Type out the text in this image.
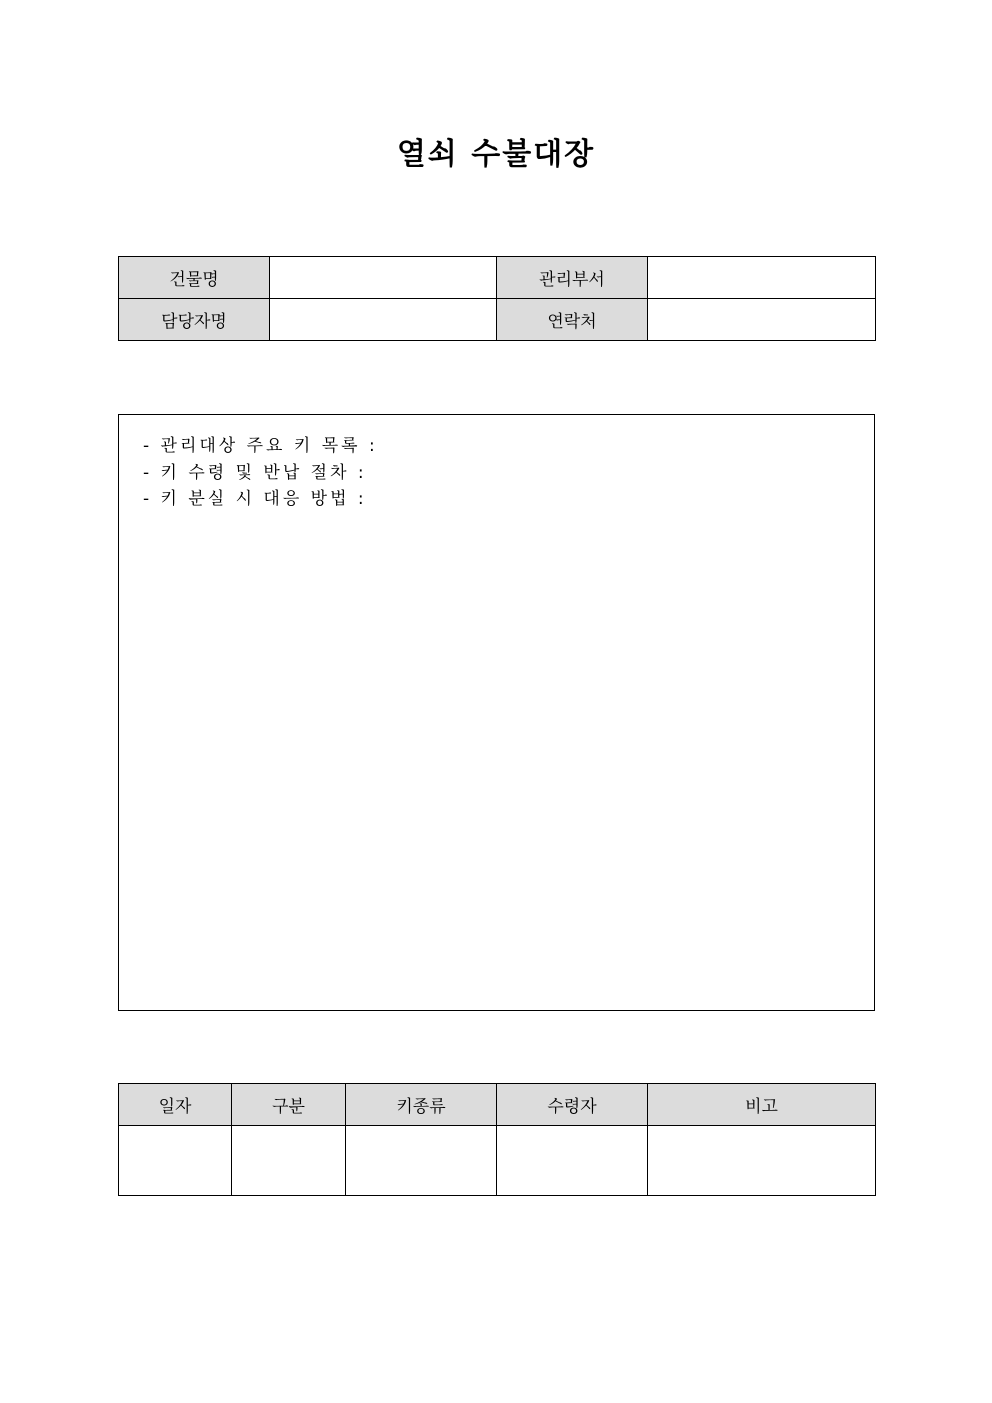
열쇠 수불대장
건물명		관리부서	
담당자명		연락처	
- 관리대상 주요 키 목록 :
- 키 수령 및 반납 절차 :
- 키 분실 시 대응 방법 :
일자	구분	키종류	수령자	비고
